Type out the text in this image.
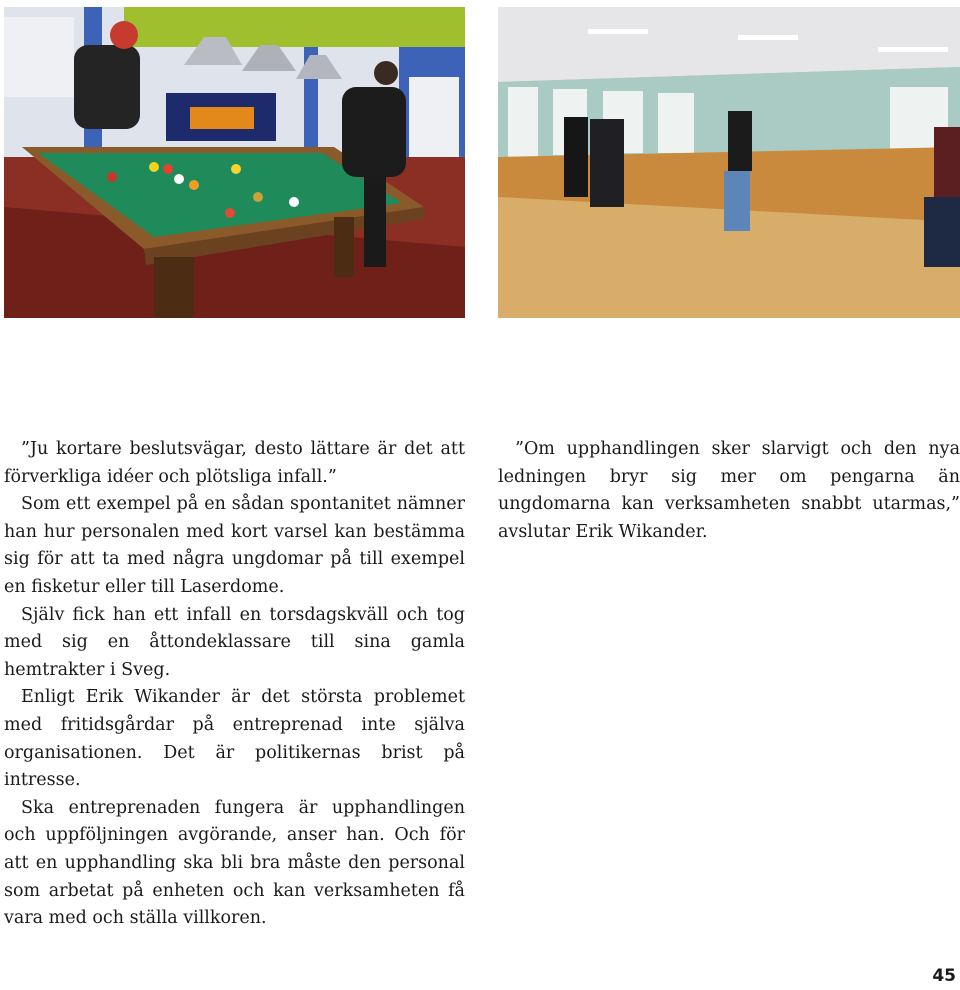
”Ju kortare beslutsvägar, desto lättare är det att förverkliga idéer och plötsliga infall.”

Som ett exempel på en sådan spontanitet nämner han hur personalen med kort varsel kan bestämma sig för att ta med några ungdomar på till exempel en fisketur eller till Laserdome.

Själv fick han ett infall en torsdagskväll och tog med sig en åttondeklassare till sina gamla hemtrakter i Sveg.

Enligt Erik Wikander är det största problemet med fritidsgårdar på entreprenad inte själva organisationen. Det är politikernas brist på intresse.

Ska entreprenaden fungera är upphandlingen och uppföljningen avgörande, anser han. Och för att en upphandling ska bli bra måste den personal som arbetat på enheten och kan verksamheten få vara med och ställa villkoren.

”Om upphandlingen sker slarvigt och den nya ledningen bryr sig mer om pengarna än ungdomarna kan verksamheten snabbt utarmas,” avslutar Erik Wikander.

45
